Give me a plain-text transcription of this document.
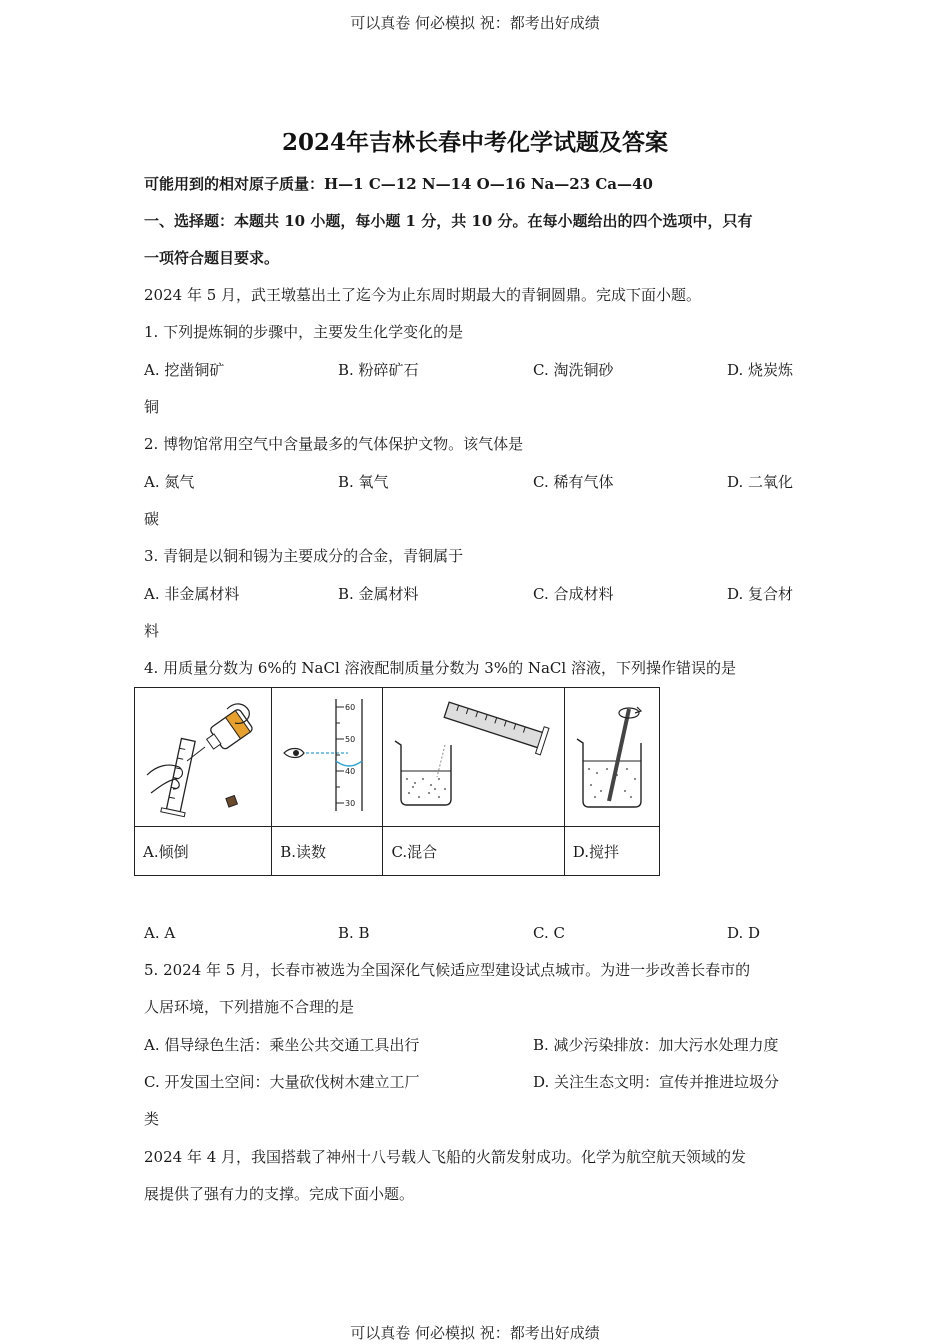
可以真卷 何必模拟 祝：都考出好成绩
2024年吉林长春中考化学试题及答案
可能用到的相对原子质量：H—1 C—12 N—14 O—16 Na—23 Ca—40
一、选择题：本题共 10 小题，每小题 1 分，共 10 分。在每小题给出的四个选项中，只有
一项符合题目要求。
2024 年 5 月，武王墩墓出土了迄今为止东周时期最大的青铜圆鼎。完成下面小题。
1. 下列提炼铜的步骤中，主要发生化学变化的是
A. 挖凿铜矿	B. 粉碎矿石	C. 淘洗铜砂	D. 烧炭炼
铜
2. 博物馆常用空气中含量最多的气体保护文物。该气体是
A. 氮气	B. 氧气	C. 稀有气体	D. 二氧化
碳
3. 青铜是以铜和锡为主要成分的合金，青铜属于
A. 非金属材料	B. 金属材料	C. 合成材料	D. 复合材
料
4. 用质量分数为 6%的 NaCl 溶液配制质量分数为 3%的 NaCl 溶液，下列操作错误的是

60
50
40
30

A.倾倒	B.读数	C.混合	D.搅拌
A. A	B. B	C. C	D. D
5. 2024 年 5 月，长春市被选为全国深化气候适应型建设试点城市。为进一步改善长春市的
人居环境，下列措施不合理的是
A. 倡导绿色生活：乘坐公共交通工具出行	B. 减少污染排放：加大污水处理力度
C. 开发国土空间：大量砍伐树木建立工厂	D. 关注生态文明：宣传并推进垃圾分
类
2024 年 4 月，我国搭载了神州十八号载人飞船的火箭发射成功。化学为航空航天领域的发
展提供了强有力的支撑。完成下面小题。
可以真卷 何必模拟 祝：都考出好成绩
